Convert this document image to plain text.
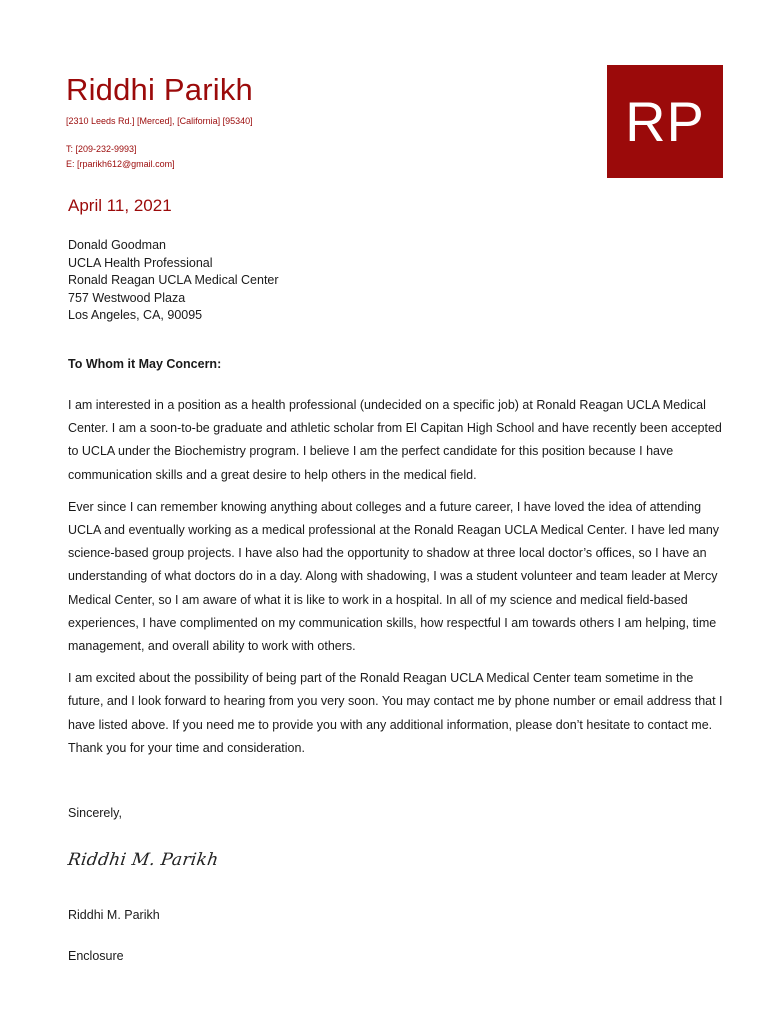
Riddhi Parikh
[2310 Leeds Rd.] [Merced], [California] [95340]
T: [209-232-9993]
E: [rparikh612@gmail.com]
RP
April 11, 2021
Donald Goodman
UCLA Health Professional
Ronald Reagan UCLA Medical Center
757 Westwood Plaza
Los Angeles, CA, 90095
To Whom it May Concern:

I am interested in a position as a health professional (undecided on a specific job) at Ronald Reagan UCLA Medical Center. I am a soon-to-be graduate and athletic scholar from El Capitan High School and have recently been accepted to UCLA under the Biochemistry program. I believe I am the perfect candidate for this position because I have communication skills and a great desire to help others in the medical field.

Ever since I can remember knowing anything about colleges and a future career, I have loved the idea of attending UCLA and eventually working as a medical professional at the Ronald Reagan UCLA Medical Center. I have led many science-based group projects. I have also had the opportunity to shadow at three local doctor’s offices, so I have an understanding of what doctors do in a day. Along with shadowing, I was a student volunteer and team leader at Mercy Medical Center, so I am aware of what it is like to work in a hospital. In all of my science and medical field-based experiences, I have complimented on my communication skills, how respectful I am towards others I am helping, time management, and overall ability to work with others.

I am excited about the possibility of being part of the Ronald Reagan UCLA Medical Center team sometime in the future, and I look forward to hearing from you very soon. You may contact me by phone number or email address that I have listed above. If you need me to provide you with any additional information, please don’t hesitate to contact me. Thank you for your time and consideration.

Sincerely,
Riddhi M. Parikh
Riddhi M. Parikh
Enclosure
